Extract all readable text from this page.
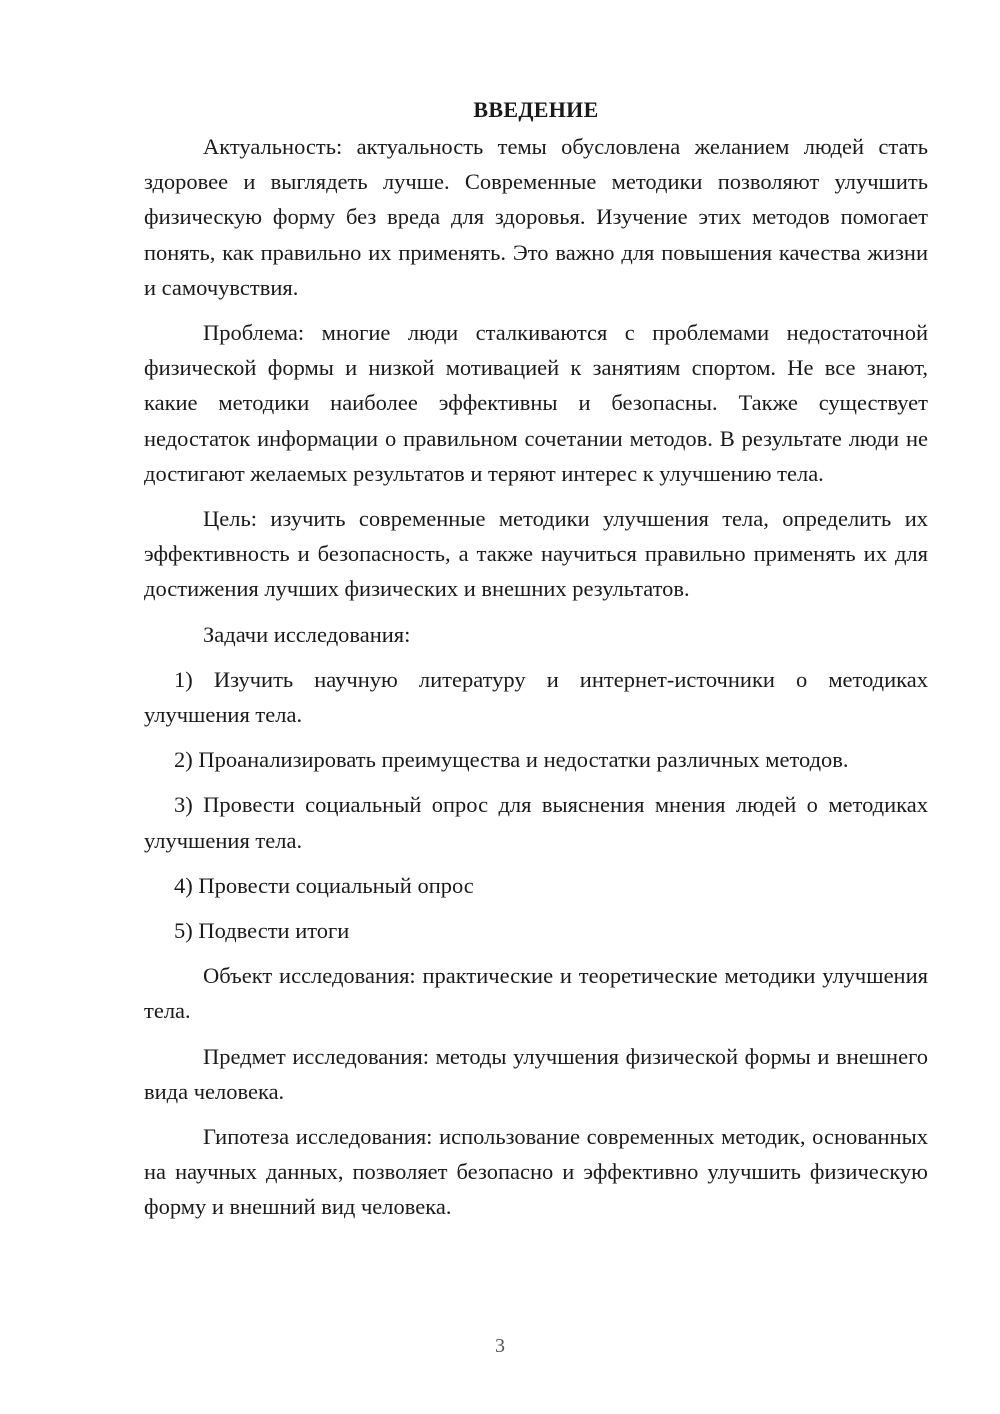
ВВЕДЕНИЕ

Актуальность: актуальность темы обусловлена желанием людей стать здоровее и выглядеть лучше. Современные методики позволяют улучшить физическую форму без вреда для здоровья. Изучение этих методов помогает понять, как правильно их применять. Это важно для повышения качества жизни и самочувствия.

Проблема: многие люди сталкиваются с проблемами недостаточной физической формы и низкой мотивацией к занятиям спортом. Не все знают, какие методики наиболее эффективны и безопасны. Также существует недостаток информации о правильном сочетании методов. В результате люди не достигают желаемых результатов и теряют интерес к улучшению тела.

Цель: изучить современные методики улучшения тела, определить их эффективность и безопасность, а также научиться правильно применять их для достижения лучших физических и внешних результатов.

Задачи исследования:

1) Изучить научную литературу и интернет-источники о методиках улучшения тела.

2) Проанализировать преимущества и недостатки различных методов.

3) Провести социальный опрос для выяснения мнения людей о методиках улучшения тела.

4) Провести социальный опрос

5) Подвести итоги

Объект исследования: практические и теоретические методики улучшения тела.

Предмет исследования: методы улучшения физической формы и внешнего вида человека.

Гипотеза исследования: использование современных методик, основанных на научных данных, позволяет безопасно и эффективно улучшить физическую форму и внешний вид человека.

3
